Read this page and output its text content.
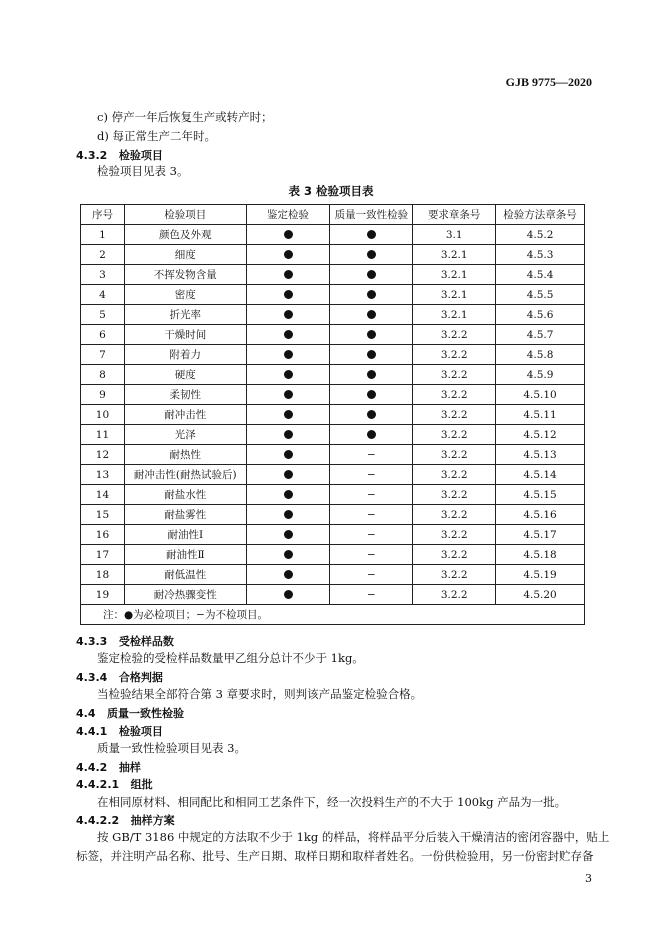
GJB 9775—2020
c) 停产一年后恢复生产或转产时；
d) 每正常生产二年时。
4.3.2 检验项目
检验项目见表 3。
表 3 检验项目表
序号	检验项目	鉴定检验	质量一致性检验	要求章条号	检验方法章条号
1	颜色及外观			3.1	4.5.2
2	细度			3.2.1	4.5.3
3	不挥发物含量			3.2.1	4.5.4
4	密度			3.2.1	4.5.5
5	折光率			3.2.1	4.5.6
6	干燥时间			3.2.2	4.5.7
7	附着力			3.2.2	4.5.8
8	硬度			3.2.2	4.5.9
9	柔韧性			3.2.2	4.5.10
10	耐冲击性			3.2.2	4.5.11
11	光泽			3.2.2	4.5.12
12	耐热性		−	3.2.2	4.5.13
13	耐冲击性(耐热试验后)		−	3.2.2	4.5.14
14	耐盐水性		−	3.2.2	4.5.15
15	耐盐雾性		−	3.2.2	4.5.16
16	耐油性Ⅰ		−	3.2.2	4.5.17
17	耐油性Ⅱ		−	3.2.2	4.5.18
18	耐低温性		−	3.2.2	4.5.19
19	耐冷热骤变性		−	3.2.2	4.5.20
注：●为必检项目；−为不检项目。					
4.3.3 受检样品数
鉴定检验的受检样品数量甲乙组分总计不少于 1kg。
4.3.4 合格判据
当检验结果全部符合第 3 章要求时，则判该产品鉴定检验合格。
4.4 质量一致性检验
4.4.1 检验项目
质量一致性检验项目见表 3。
4.4.2 抽样
4.4.2.1 组批
在相同原材料、相同配比和相同工艺条件下，经一次投料生产的不大于 100kg 产品为一批。
4.4.2.2 抽样方案
按 GB/T 3186 中规定的方法取不少于 1kg 的样品，将样品平分后装入干燥清洁的密闭容器中，贴上
标签，并注明产品名称、批号、生产日期、取样日期和取样者姓名。一份供检验用，另一份密封贮存备
3
